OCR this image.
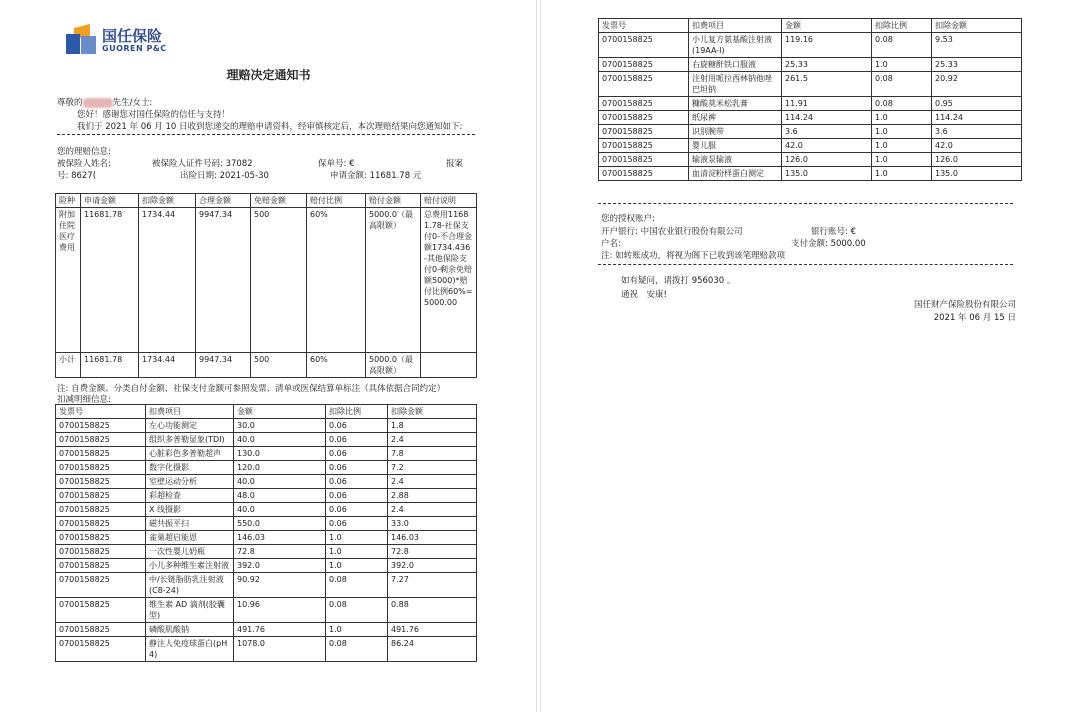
国任保险
GUOREN P&C
理赔决定通知书
尊敬的	先生/女士:
您好！感谢您对国任保险的信任与支持！
我们于 2021 年 06 月 10 日收到您递交的理赔申请资料，经审慎核定后，本次理赔结果向您通知如下:
您的理赔信息:
被保险人姓名:	被保险人证件号码: 37082	保单号: €	报案
号: 8627(	出险日期: 2021-05-30	申请金额: 11681.78 元
险种	申请金额	扣除金额	合理金额	免赔金额	赔付比例	赔付金额	赔付说明
附加住院医疗费用	11681.78	1734.44	9947.34	500	60%	5000.0（最高限额）	总费用11681.78-社保支付0-不合理金额1734.436-其他保险支付0-剩余免赔额5000)*赔付比例60%=5000.00
小计	11681.78	1734.44	9947.34	500	60%	5000.0（最高限额）	
注: 自费金额、分类自付金额、社保支付金额可参照发票、清单或医保结算单标注（具体依据合同约定）
扣减明细信息:
发票号	扣费项目	金额	扣除比例	扣除金额
0700158825	左心功能测定	30.0	0.06	1.8
0700158825	组织多普勒显象(TDI)	40.0	0.06	2.4
0700158825	心脏彩色多普勒超声	130.0	0.06	7.8
0700158825	数字化摄影	120.0	0.06	7.2
0700158825	室壁运动分析	40.0	0.06	2.4
0700158825	彩超检查	48.0	0.06	2.88
0700158825	X 线摄影	40.0	0.06	2.4
0700158825	磁共振平扫	550.0	0.06	33.0
0700158825	雀巢超启能恩	146.03	1.0	146.03
0700158825	一次性婴儿奶瓶	72.8	1.0	72.8
0700158825	小儿多种维生素注射液	392.0	1.0	392.0
0700158825	中/长链脂肪乳注射液(C8-24)	90.92	0.08	7.27
0700158825	维生素 AD 滴剂(胶囊型)	10.96	0.08	0.88
0700158825	磷酸肌酸钠	491.76	1.0	491.76
0700158825	静注人免疫球蛋白(pH4)	1078.0	0.08	86.24
发票号	扣费项目	金额	扣除比例	扣除金额
0700158825	小儿复方氨基酸注射液(19AA-Ⅰ)	119.16	0.08	9.53
0700158825	右旋糖酐铁口服液	25.33	1.0	25.33
0700158825	注射用哌拉西林钠他唑巴坦钠	261.5	0.08	20.92
0700158825	糠酸莫米松乳膏	11.91	0.08	0.95
0700158825	纸尿裤	114.24	1.0	114.24
0700158825	识别腕带	3.6	1.0	3.6
0700158825	婴儿服	42.0	1.0	42.0
0700158825	输液泵输液	126.0	1.0	126.0
0700158825	血清淀粉样蛋白测定	135.0	1.0	135.0
您的授权账户:
开户银行: 中国农业银行股份有限公司	银行账号: €
户名:	支付金额: 5000.00
注: 如转账成功，将视为阁下已收到该笔理赔款项
如有疑问，请拨打 956030 。
通祝　安康!
国任财产保险股份有限公司
2021 年 06 月 15 日
